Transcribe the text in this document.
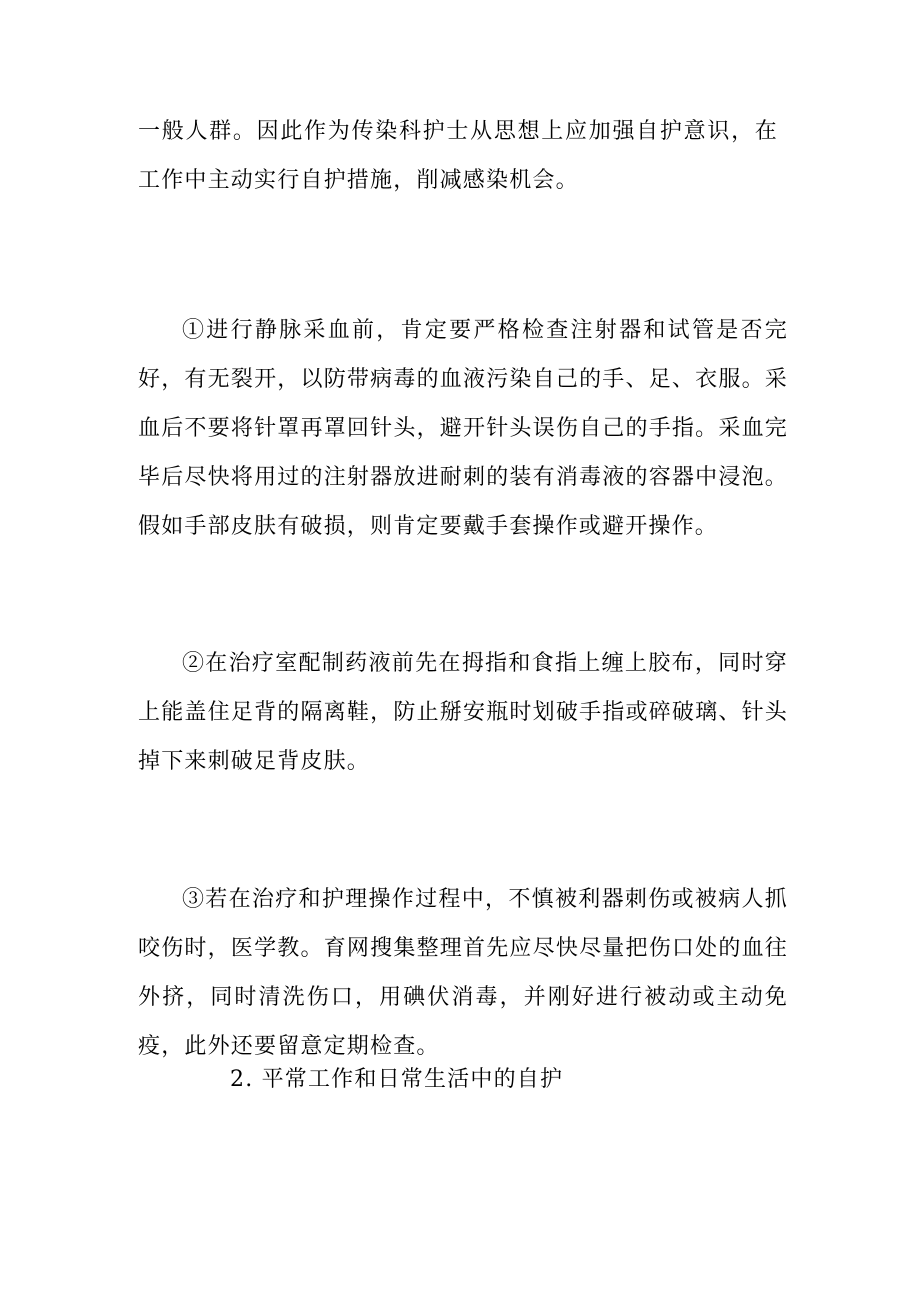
一般人群。因此作为传染科护士从思想上应加强自护意识，在工作中主动实行自护措施，削减感染机会。

①进行静脉采血前，肯定要严格检查注射器和试管是否完好，有无裂开，以防带病毒的血液污染自己的手、足、衣服。采血后不要将针罩再罩回针头，避开针头误伤自己的手指。采血完毕后尽快将用过的注射器放进耐刺的装有消毒液的容器中浸泡。假如手部皮肤有破损，则肯定要戴手套操作或避开操作。

②在治疗室配制药液前先在拇指和食指上缠上胶布，同时穿上能盖住足背的隔离鞋，防止掰安瓶时划破手指或碎破璃、针头掉下来刺破足背皮肤。

③若在治疗和护理操作过程中，不慎被利器刺伤或被病人抓咬伤时，医学教。育网搜集整理首先应尽快尽量把伤口处的血往外挤，同时清洗伤口，用碘伏消毒，并刚好进行被动或主动免疫，此外还要留意定期检查。

2. 平常工作和日常生活中的自护
